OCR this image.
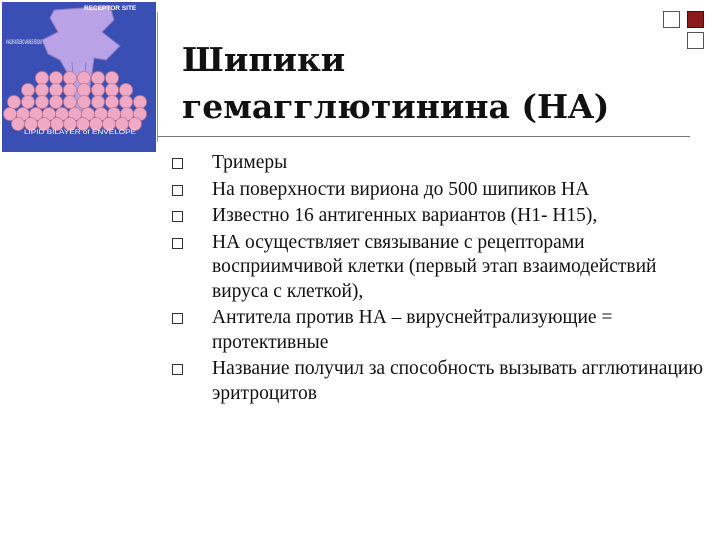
RECEPTOR SITE
4 MAJOR ANTIGENIC VARIABLE REGIONS
LIPID BILAYER of ENVELOPE
Шипики гемагглютинина (HA)
Тримеры
На поверхности вириона до 500 шипиков НА
Известно 16 антигенных вариантов (Н1- Н15),
НА осуществляет связывание с рецепторами восприимчивой клетки (первый этап взаимодействий вируса с клеткой),
Антитела против НА – вируснейтрализующие = протективные
Название получил за способность вызывать агглютинацию эритроцитов
